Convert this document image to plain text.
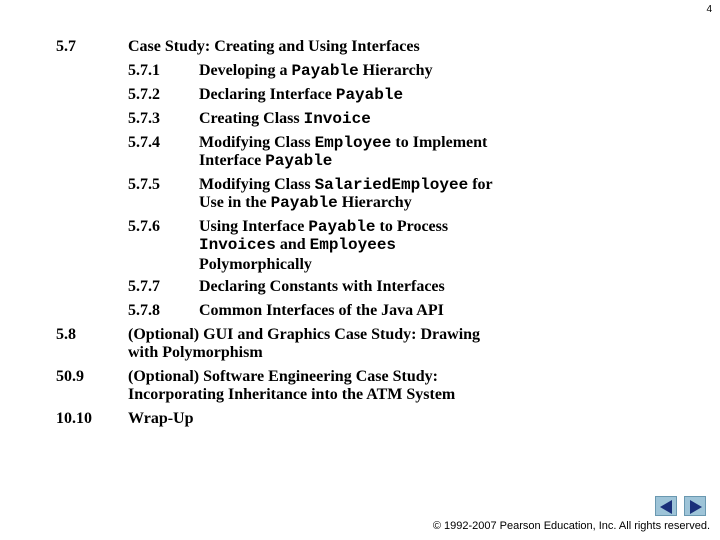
4
5.7	Case Study: Creating and Using Interfaces
5.7.1 Developing a Payable Hierarchy
5.7.2 Declaring Interface Payable
5.7.3 Creating Class Invoice
5.7.4 Modifying Class Employee to Implement
Interface Payable
5.7.5 Modifying Class SalariedEmployee for
Use in the Payable Hierarchy
5.7.6 Using Interface Payable to Process
Invoices and Employees
Polymorphically
5.7.7 Declaring Constants with Interfaces
5.7.8 Common Interfaces of the Java API
5.8	(Optional) GUI and Graphics Case Study: Drawing
with Polymorphism
50.9	(Optional) Software Engineering Case Study:
Incorporating Inheritance into the ATM System
10.10 Wrap-Up
© 1992-2007 Pearson Education, Inc. All rights reserved.
